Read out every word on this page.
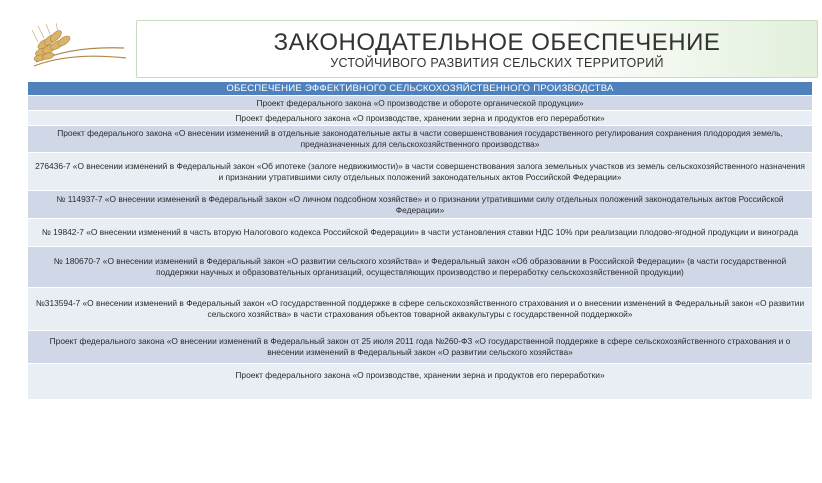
ЗАКОНОДАТЕЛЬНОЕ ОБЕСПЕЧЕНИЕ
УСТОЙЧИВОГО РАЗВИТИЯ СЕЛЬСКИХ ТЕРРИТОРИЙ
ОБЕСПЕЧЕНИЕ ЭФФЕКТИВНОГО СЕЛЬСКОХОЗЯЙСТВЕННОГО ПРОИЗВОДСТВА
Проект федерального закона «О производстве и обороте органической продукции»
Проект федерального закона «О производстве, хранении зерна и продуктов его переработки»
Проект федерального закона «О внесении изменений в отдельные законодательные акты в части совершенствования государственного регулирования сохранения плодородия земель, предназначенных для сельскохозяйственного производства»
276436-7 «О внесении изменений в Федеральный закон «Об ипотеке (залоге недвижимости)» в части совершенствования залога земельных участков из земель сельскохозяйственного назначения и признании утратившими силу отдельных положений законодательных актов Российской Федерации»
№ 114937-7 «О внесении изменений в Федеральный закон «О личном подсобном хозяйстве» и о признании утратившими силу отдельных положений законодательных актов Российской Федерации»
№ 19842-7 «О внесении изменений в часть вторую Налогового кодекса Российской Федерации» в части установления ставки НДС 10% при реализации плодово-ягодной продукции и винограда
№ 180670-7 «О внесении изменений в Федеральный закон «О развитии сельского хозяйства» и Федеральный закон «Об образовании в Российской Федерации» (в части государственной поддержки научных и образовательных организаций, осуществляющих производство и переработку сельскохозяйственной продукции)
№313594-7 «О внесении изменений в Федеральный закон «О государственной поддержке в сфере сельскохозяйственного страхования и о внесении изменений в Федеральный закон «О развитии сельского хозяйства» в части страхования объектов товарной аквакультуры с государственной поддержкой»
Проект федерального закона «О внесении изменений в Федеральный закон от 25 июля 2011 года №260-ФЗ «О государственной поддержке в сфере сельскохозяйственного страхования и о внесении изменений в Федеральный закон «О развитии сельского хозяйства»
Проект федерального закона «О производстве, хранении зерна и продуктов его переработки»
